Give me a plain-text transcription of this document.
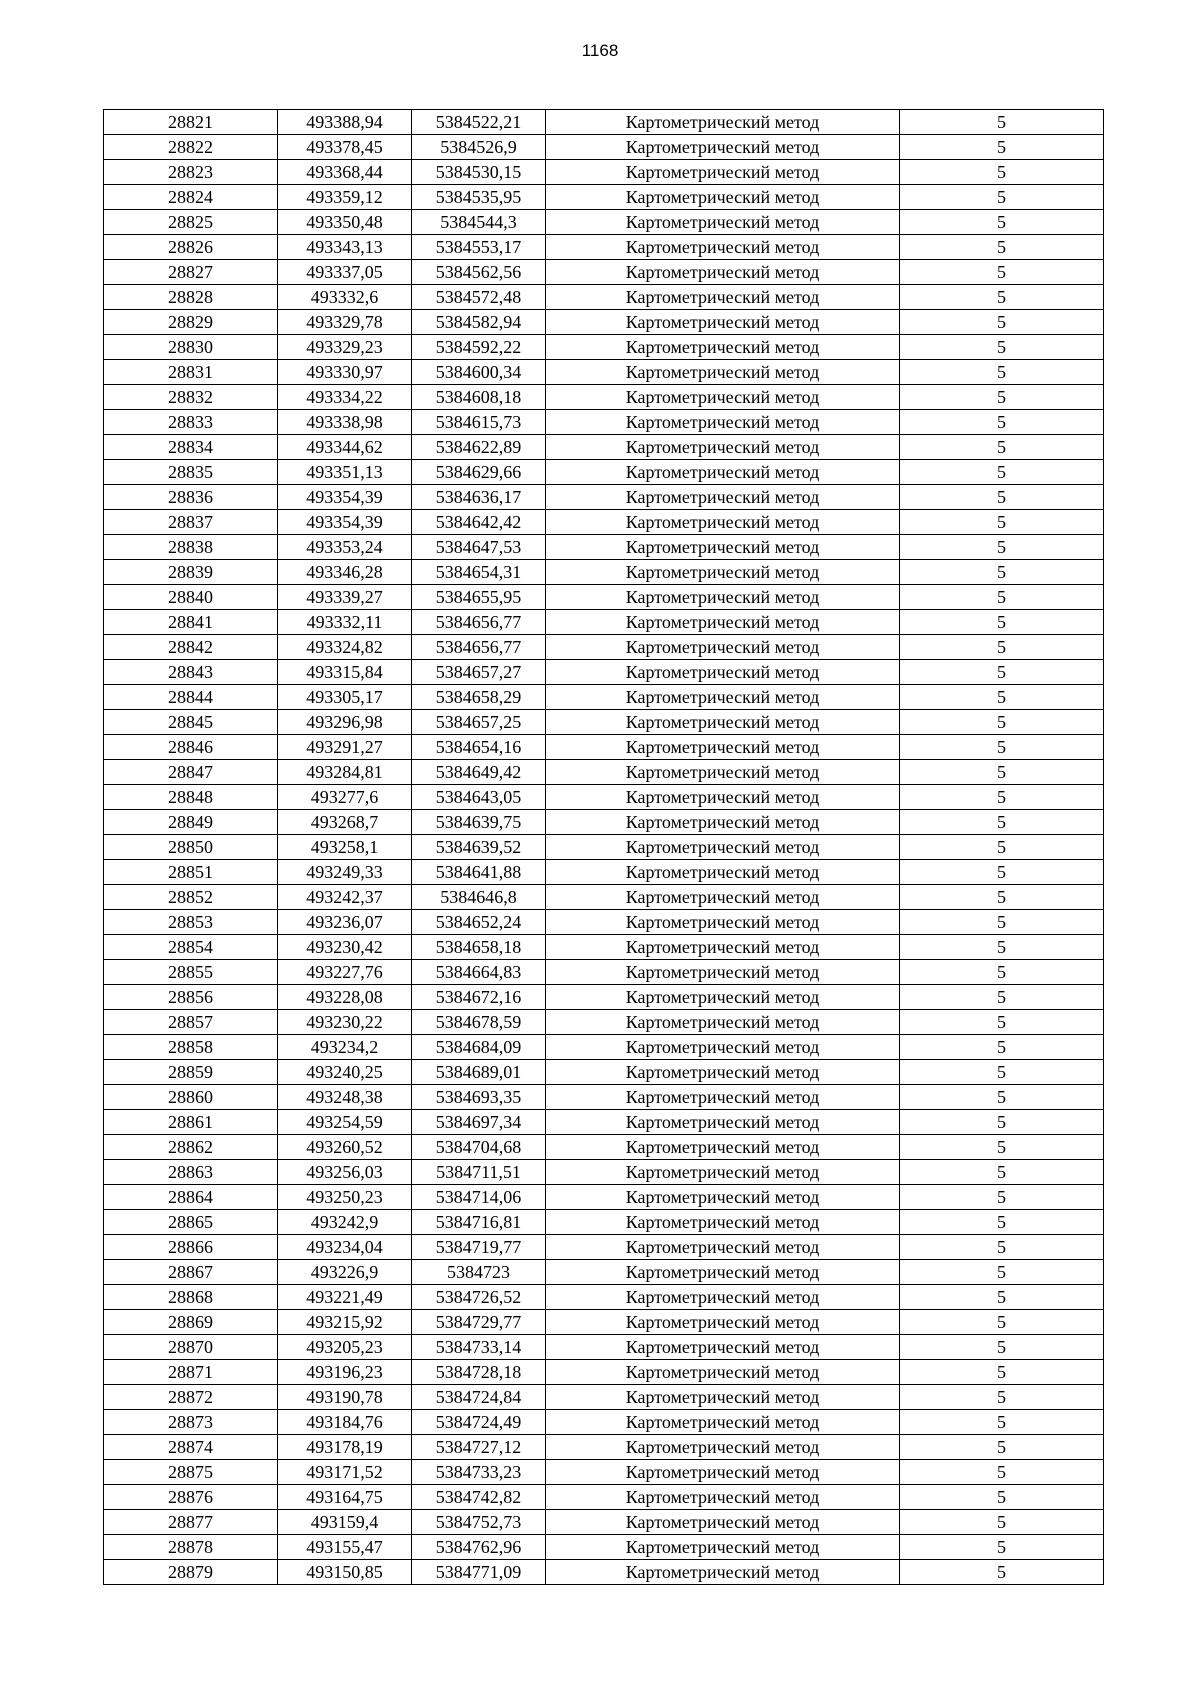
1168
28821	493388,94	5384522,21	Картометрический метод	5
28822	493378,45	5384526,9	Картометрический метод	5
28823	493368,44	5384530,15	Картометрический метод	5
28824	493359,12	5384535,95	Картометрический метод	5
28825	493350,48	5384544,3	Картометрический метод	5
28826	493343,13	5384553,17	Картометрический метод	5
28827	493337,05	5384562,56	Картометрический метод	5
28828	493332,6	5384572,48	Картометрический метод	5
28829	493329,78	5384582,94	Картометрический метод	5
28830	493329,23	5384592,22	Картометрический метод	5
28831	493330,97	5384600,34	Картометрический метод	5
28832	493334,22	5384608,18	Картометрический метод	5
28833	493338,98	5384615,73	Картометрический метод	5
28834	493344,62	5384622,89	Картометрический метод	5
28835	493351,13	5384629,66	Картометрический метод	5
28836	493354,39	5384636,17	Картометрический метод	5
28837	493354,39	5384642,42	Картометрический метод	5
28838	493353,24	5384647,53	Картометрический метод	5
28839	493346,28	5384654,31	Картометрический метод	5
28840	493339,27	5384655,95	Картометрический метод	5
28841	493332,11	5384656,77	Картометрический метод	5
28842	493324,82	5384656,77	Картометрический метод	5
28843	493315,84	5384657,27	Картометрический метод	5
28844	493305,17	5384658,29	Картометрический метод	5
28845	493296,98	5384657,25	Картометрический метод	5
28846	493291,27	5384654,16	Картометрический метод	5
28847	493284,81	5384649,42	Картометрический метод	5
28848	493277,6	5384643,05	Картометрический метод	5
28849	493268,7	5384639,75	Картометрический метод	5
28850	493258,1	5384639,52	Картометрический метод	5
28851	493249,33	5384641,88	Картометрический метод	5
28852	493242,37	5384646,8	Картометрический метод	5
28853	493236,07	5384652,24	Картометрический метод	5
28854	493230,42	5384658,18	Картометрический метод	5
28855	493227,76	5384664,83	Картометрический метод	5
28856	493228,08	5384672,16	Картометрический метод	5
28857	493230,22	5384678,59	Картометрический метод	5
28858	493234,2	5384684,09	Картометрический метод	5
28859	493240,25	5384689,01	Картометрический метод	5
28860	493248,38	5384693,35	Картометрический метод	5
28861	493254,59	5384697,34	Картометрический метод	5
28862	493260,52	5384704,68	Картометрический метод	5
28863	493256,03	5384711,51	Картометрический метод	5
28864	493250,23	5384714,06	Картометрический метод	5
28865	493242,9	5384716,81	Картометрический метод	5
28866	493234,04	5384719,77	Картометрический метод	5
28867	493226,9	5384723	Картометрический метод	5
28868	493221,49	5384726,52	Картометрический метод	5
28869	493215,92	5384729,77	Картометрический метод	5
28870	493205,23	5384733,14	Картометрический метод	5
28871	493196,23	5384728,18	Картометрический метод	5
28872	493190,78	5384724,84	Картометрический метод	5
28873	493184,76	5384724,49	Картометрический метод	5
28874	493178,19	5384727,12	Картометрический метод	5
28875	493171,52	5384733,23	Картометрический метод	5
28876	493164,75	5384742,82	Картометрический метод	5
28877	493159,4	5384752,73	Картометрический метод	5
28878	493155,47	5384762,96	Картометрический метод	5
28879	493150,85	5384771,09	Картометрический метод	5
